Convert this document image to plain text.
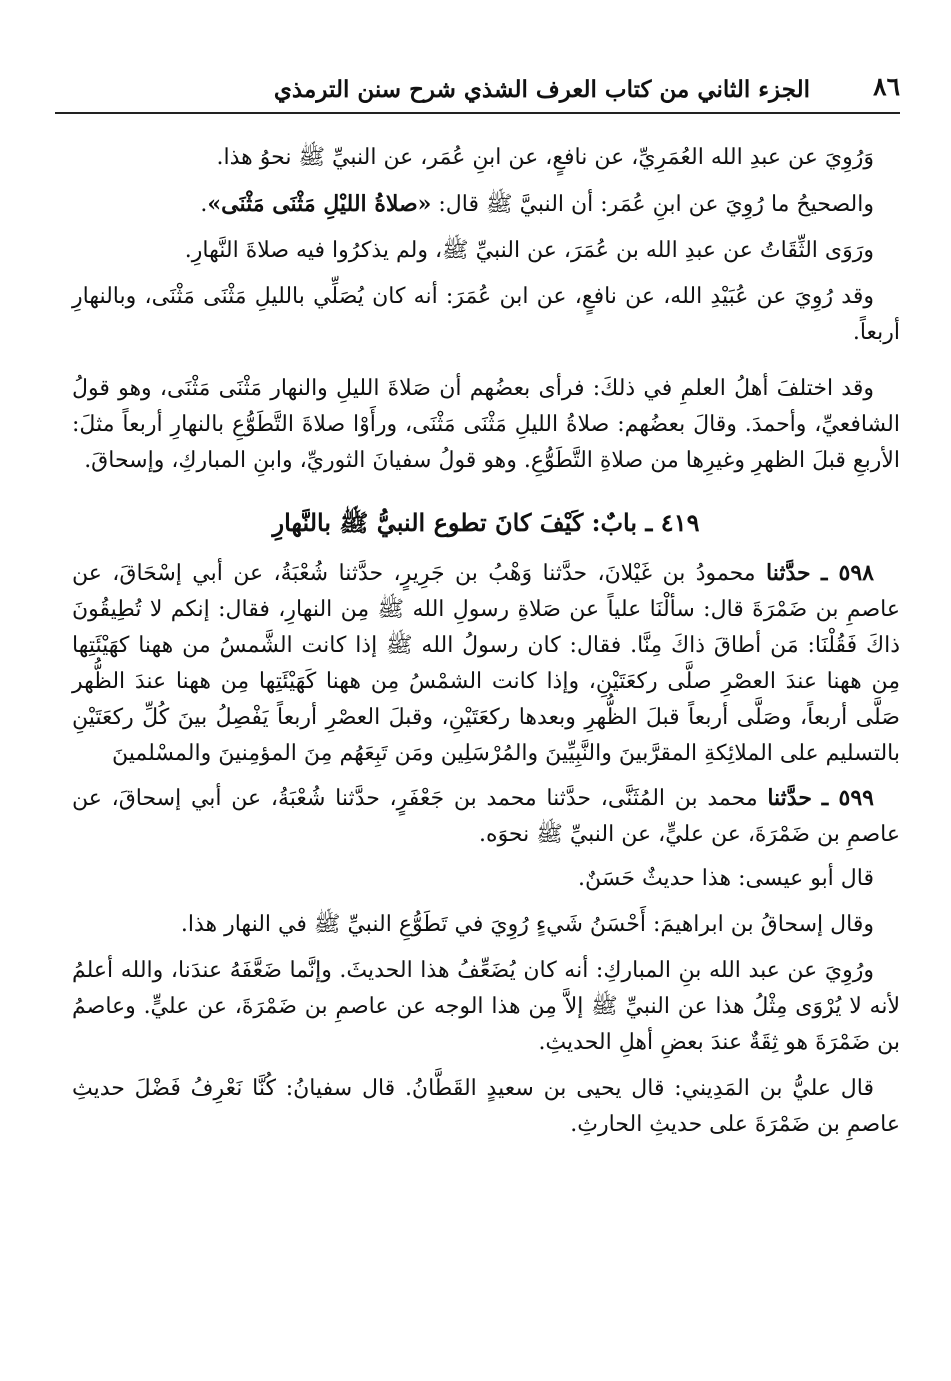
٨٦
الجزء الثاني من كتاب العرف الشذي شرح سنن الترمذي

وَرُوِيَ عن عبدِ الله العُمَرِيِّ، عن نافعٍ، عن ابنِ عُمَر، عن النبيِّ ﷺ نحوُ هذا.

والصحيحُ ما رُوِيَ عن ابنِ عُمَر: أن النبيَّ ﷺ قال: «صلاةُ الليْلِ مَثْنَى مَثْنَى».

ورَوَى الثِّقَاتُ عن عبدِ الله بن عُمَرَ، عن النبيِّ ﷺ، ولم يذكرُوا فيه صلاةَ النَّهارِ.

وقد رُوِيَ عن عُبَيْدِ الله، عن نافعٍ، عن ابن عُمَرَ: أنه كان يُصَلِّي بالليلِ مَثْنَى مَثْنَى، وبالنهارِ أربعاً.

وقد اختلفَ أهلُ العلمِ في ذلكَ: فرأى بعضُهم أن صَلاةَ الليلِ والنهار مَثْنَى مَثْنَى، وهو قولُ الشافعيِّ، وأحمدَ. وقالَ بعضُهم: صلاةُ الليلِ مَثْنَى مَثْنَى، ورأَوْا صلاةَ التَّطَوُّعِ بالنهارِ أربعاً مثلَ: الأربعِ قبلَ الظهرِ وغيرِها من صلاةِ التَّطَوُّعِ. وهو قولُ سفيانَ الثوريِّ، وابنِ المباركِ، وإسحاقَ.

٤١٩ ـ بابٌ: كَيْفَ كانَ تطوع النبيُّ ﷺ بالنَّهارِ

٥٩٨ ـ حدَّثنا محمودُ بن غَيْلانَ، حدَّثنا وَهْبُ بن جَرِيرٍ، حدَّثنا شُعْبَةُ، عن أبي إسْحَاقَ، عن عاصمِ بن ضَمْرَةَ قال: سألْنَا علياً عن صَلاةِ رسولِ الله ﷺ مِن النهارِ، فقال: إنكم لا تُطِيقُونَ ذاكَ فَقُلْنَا: مَن أطاقَ ذاكَ مِنَّا. فقال: كان رسولُ الله ﷺ إذا كانت الشَّمسُ من ههنا كهَيْئَتِها مِن ههنا عندَ العصْرِ صلَّى ركعَتَيْنِ، وإذا كانت الشمْسُ مِن ههنا كَهَيْئَتِها مِن ههنا عندَ الظُّهر صَلَّى أربعاً، وصَلَّى أربعاً قبلَ الظُّهرِ وبعدها ركعَتَيْنِ، وقبلَ العصْرِ أربعاً يَفْصِلُ بينَ كُلِّ ركعَتَيْنِ بالتسليم على الملائِكةِ المقرَّبينَ والنَّبِيِّينَ والمُرْسَلِين ومَن تَبِعَهُم مِنَ المؤمِنينَ والمسْلمينَ

٥٩٩ ـ حدَّثنا محمد بن المُثَنَّى، حدَّثنا محمد بن جَعْفَرٍ، حدَّثنا شُعْبَةُ، عن أبي إسحاقَ، عن عاصمِ بن ضَمْرَةَ، عن عليٍّ، عن النبيِّ ﷺ نحوَه.

قال أبو عيسى: هذا حديثٌ حَسَنٌ.

وقال إسحاقُ بن ابراهيمَ: أَحْسَنُ شَيءٍ رُوِيَ في تَطَوُّعِ النبيِّ ﷺ في النهار هذا.

ورُوِيَ عن عبد الله بنِ المباركِ: أنه كان يُضَعِّفُ هذا الحديثَ. وإنَّما ضَعَّفَهُ عندَنا، والله أعلمُ لأنه لا يُرْوَى مِثْلُ هذا عن النبيِّ ﷺ إلاَّ مِن هذا الوجه عن عاصمِ بن ضَمْرَةَ، عن عليٍّ. وعاصمُ بن ضَمْرَةَ هو ثِقَةٌ عندَ بعضِ أهلِ الحديثِ.

قال عليُّ بن المَدِيني: قال يحيى بن سعيدٍ القَطَّانُ. قال سفيانُ: كُنَّا نَعْرِفُ فَضْلَ حديثِ عاصمِ بن ضَمْرَةَ على حديثِ الحارثِ.
